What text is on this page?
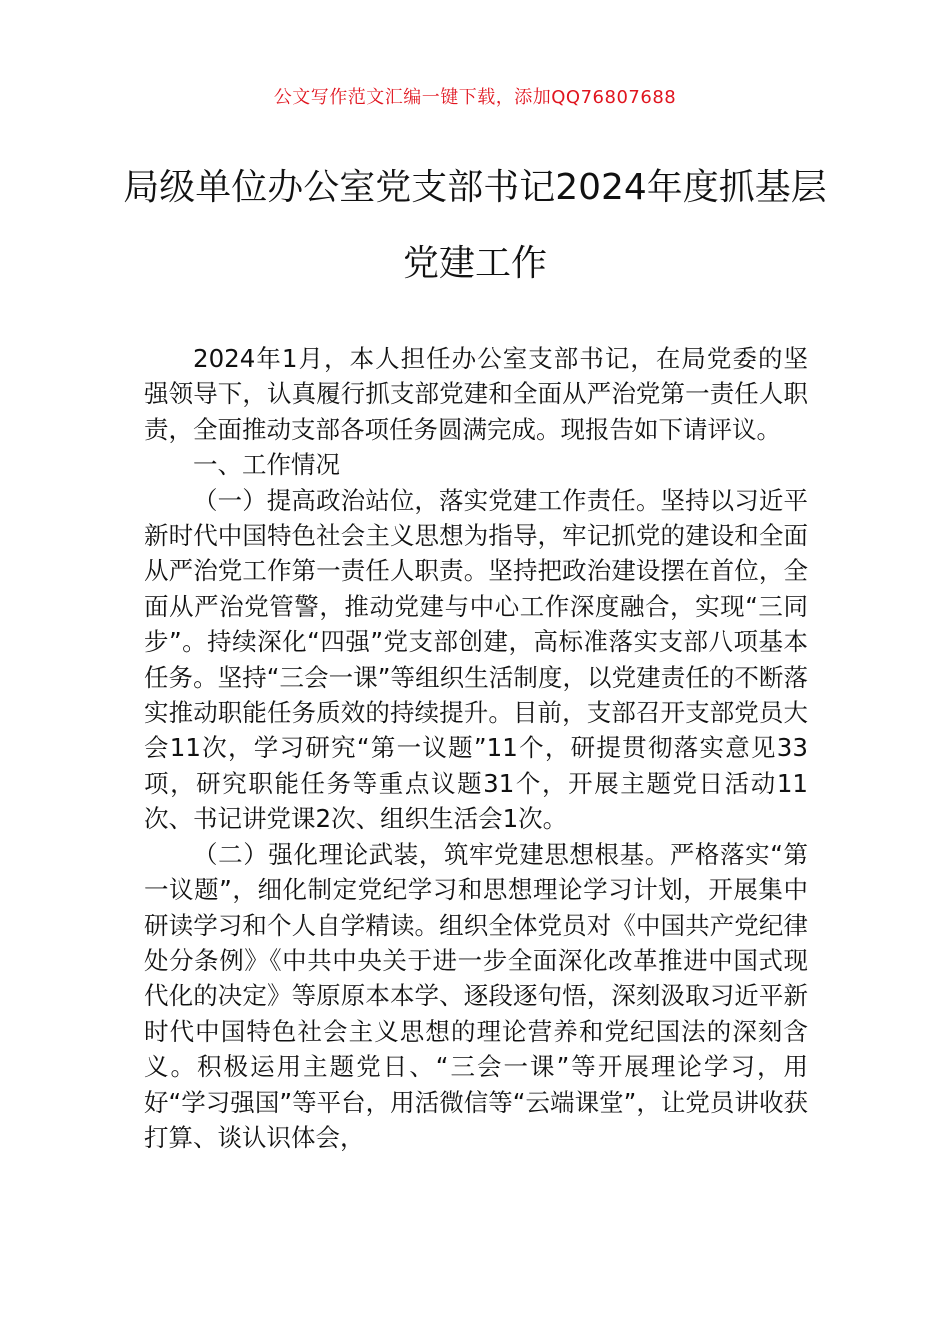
公文写作范文汇编一键下载，添加QQ76807688
局级单位办公室党支部书记2024年度抓基层党建工作

2024年1月，本人担任办公室支部书记，在局党委的坚强领导下，认真履行抓支部党建和全面从严治党第一责任人职责，全面推动支部各项任务圆满完成。现报告如下请评议。

一、工作情况

（一）提高政治站位，落实党建工作责任。坚持以习近平新时代中国特色社会主义思想为指导，牢记抓党的建设和全面从严治党工作第一责任人职责。坚持把政治建设摆在首位，全面从严治党管警，推动党建与中心工作深度融合，实现“三同步”。持续深化“四强”党支部创建，高标准落实支部八项基本任务。坚持“三会一课”等组织生活制度，以党建责任的不断落实推动职能任务质效的持续提升。目前，支部召开支部党员大会11次，学习研究“第一议题”11个，研提贯彻落实意见33项，研究职能任务等重点议题31个，开展主题党日活动11次、书记讲党课2次、组织生活会1次。

（二）强化理论武装，筑牢党建思想根基。严格落实“第一议题”，细化制定党纪学习和思想理论学习计划，开展集中研读学习和个人自学精读。组织全体党员对《中国共产党纪律处分条例》《中共中央关于进一步全面深化改革推进中国式现代化的决定》等原原本本学、逐段逐句悟，深刻汲取习近平新时代中国特色社会主义思想的理论营养和党纪国法的深刻含义。积极运用主题党日、“三会一课”等开展理论学习，用好“学习强国”等平台，用活微信等“云端课堂”，让党员讲收获打算、谈认识体会，
